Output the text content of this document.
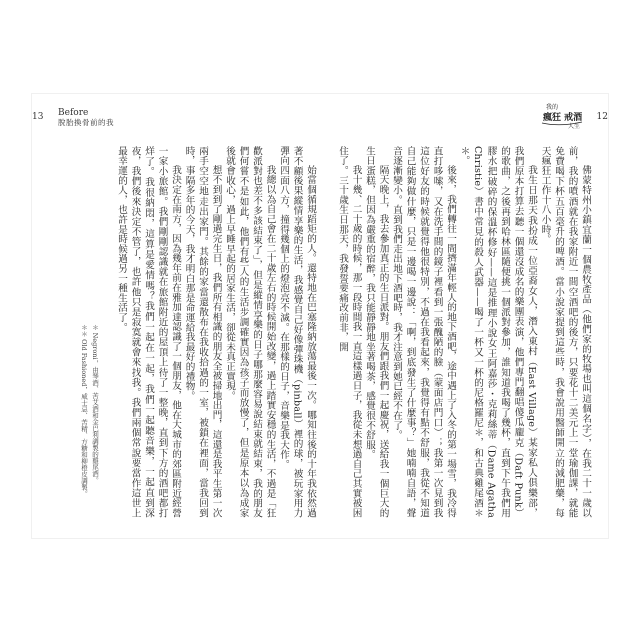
13 Before
脫胎換骨前的我

始當個循規蹈矩的人。還特地在巴塞隆納放蕩最後一次。哪知往後的十年我依然過著不顧後果縱情享樂的生活，我感覺自己好像彈珠機（pinball）裡的球，被玩家用力彈向四面八方，撞得幾個上的燈泡亮不滅。在那樣的日子，音樂是我大作。

我總以為自己會在二十歲左右的時候開始改變，過上踏實安穩的生活，不過是「狂歡派對也差不多該結束了」，但是縱情享樂的日子哪那麼容易說結束就結束，我的朋友們何嘗不是如此，他們有些人的生活步調確實因為孩子而放慢了，但是原本以為成家後就會收心，過上早睡早起的居家生活，卻從未真正實現。

想不到到了剛過完生日，我們所有相識的朋友全被掃地出門，這還是我平生第一次兩手空空地走出家門。其餘的家當還散布在我收拾過的一室，被鎖在裡面，當我回到時，事隔多年的今天，我才明白那是命運給我最好的禮物。

我決定在南方，因為幾年前在雅加達認識了一個朋友，他在大城市的郊區附近經營一家小旅館。我們剛剛認識就在旅館附近的屋頂上待了一整晚，直到下方的酒吧都打烊了。我很納悶，這算是愛情嗎？我們一起在一起，我們一起聽音樂，一起直到深夜，我們後來決定不管了，也許他只是寂寞就會來找我。我們兩個常說要當作這世上最幸運的人，也許是時候過另一種生活了。

＊ Negroni，由琴酒、苦艾酒和金巴利調製的雞尾酒。

＊＊ Old Fashioned，威士忌、苦精、方糖和柳橙皮調製。

12
我的
瘋狂 戒酒
人生

佛蒙特州小鎮宜蘭一個農牧產品（他們家的牧場也叫這個名字），在我二十一歲以前，我的噴酒就在我家附近一間空酒吧的後方，只要花十二美元上一堂瑜伽課，就能免費喝下杯五百毫升的啤酒。當小說家提到這些時，我會說用醫師開立的減肥藥，每天瘋狂工作十八小時。

我生日那天我扮成一位亞裔女人，潛入東村（East Village）某家私人俱樂部，我們原本打算去聽一個還沒成名的樂團表演，他們專門翻唱傻瓜龐克（Daft Punk）的歌曲，之後再到哈林區隨便挑一個派對參加，誰知道我喝了幾杯，直到下午我們用膠水把破碎的保溫杯修好——這是推理小說女王阿嘉莎・克莉絲蒂（Dame Agatha Christie）書中常見的殺人武器——喝了一杯又一杯的尼格羅尼＊，和古典雞尾酒＊＊。

後來，我們轉往一間擠滿年輕人的地下酒吧，途中遇上了入冬的第一場雪，我冷得直打哆嗦，又在洗手間的鏡子裡看到一張醜陋的臉（蒙面店門口）；我第一次見到我這位好友的時候就覺得他很特別，不過在我看起來，我覺得有點不舒服，我從不知道自己能夠做什麼，只是一邊喝一邊說：「啊，到底發生了什麼事？」她喃喃自語，聲音逐漸變小。直到我們走出地下酒吧時，我才注意到她已經不在了。

隔天晚上，我去參加真正的生日派對。朋友們跟我們一起慶祝，送給我一個巨大的生日蛋糕，但因為嚴重的宿醉，我只能靜靜地坐著喝茶，感覺很不舒服。

我十幾、二十歲的時候，那一段時間我一直這樣過日子，我從未想過自己其實被困住了。三十歲生日那天，我發誓要痛改前非，開
